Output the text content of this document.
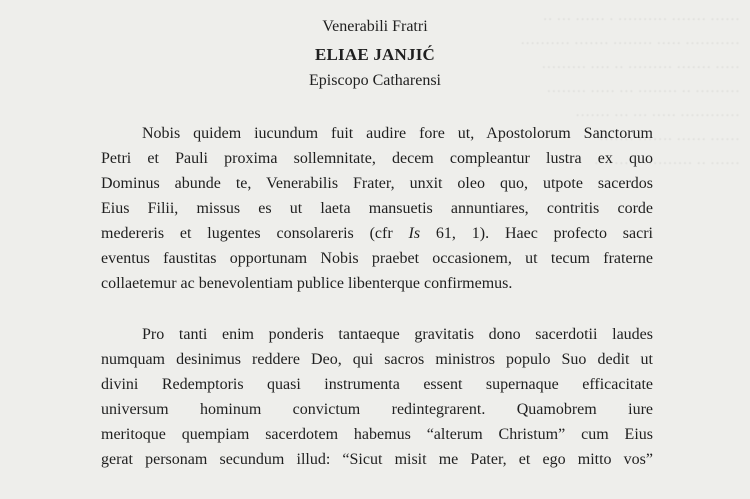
·· ··· ······ · ·········· ······· ······
·········· ······· ········ ····· ···········
········· ···· ·· ········· ······· ·····
········ ····· ··· ········ ·· ·········
······· ··· ··· ····· ············
······· ······· ······ ······
········· ·········· ·· ······
Venerabili Fratri
ELIAE JANJIĆ
Episcopo Catharensi
Nobis quidem iucundum fuit audire fore ut, Apostolorum Sanctorum
Petri et Pauli proxima sollemnitate, decem compleantur lustra ex quo
Dominus abunde te, Venerabilis Frater, unxit oleo quo, utpote sacerdos
Eius Filii, missus es ut laeta mansuetis annuntiares, contritis corde
medereris et lugentes consolareris (cfr Is 61, 1). Haec profecto sacri
eventus faustitas opportunam Nobis praebet occasionem, ut tecum fraterne
collaetemur ac benevolentiam publice libenterque confirmemus.
Pro tanti enim ponderis tantaeque gravitatis dono sacerdotii laudes
numquam desinimus reddere Deo, qui sacros ministros populo Suo dedit ut
divini Redemptoris quasi instrumenta essent supernaque efficacitate
universum hominum convictum redintegrarent. Quamobrem iure
meritoque quempiam sacerdotem habemus “alterum Christum” cum Eius
gerat personam secundum illud: “Sicut misit me Pater, et ego mitto vos”
